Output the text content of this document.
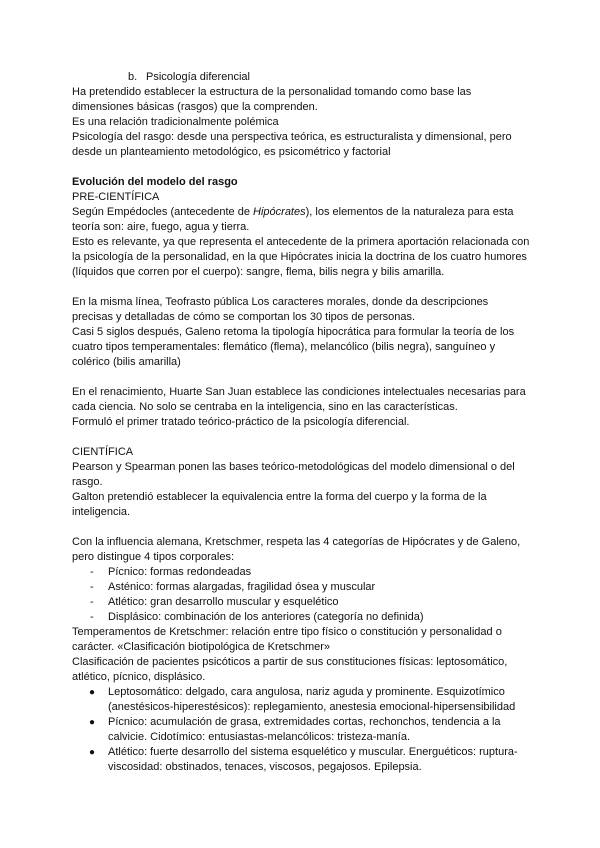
b. Psicología diferencial

Ha pretendido establecer la estructura de la personalidad tomando como base las dimensiones básicas (rasgos) que la comprenden.

Es una relación tradicionalmente polémica

Psicología del rasgo: desde una perspectiva teórica, es estructuralista y dimensional, pero desde un planteamiento metodológico, es psicométrico y factorial

Evolución del modelo del rasgo

PRE-CIENTÍFICA

Según Empédocles (antecedente de Hipócrates), los elementos de la naturaleza para esta teoría son: aire, fuego, agua y tierra.

Esto es relevante, ya que representa el antecedente de la primera aportación relacionada con la psicología de la personalidad, en la que Hipócrates inicia la doctrina de los cuatro humores (líquidos que corren por el cuerpo): sangre, flema, bilis negra y bilis amarilla.

En la misma línea, Teofrasto pública Los caracteres morales, donde da descripciones precisas y detalladas de cómo se comportan los 30 tipos de personas.

Casi 5 siglos después, Galeno retoma la tipología hipocrática para formular la teoría de los cuatro tipos temperamentales: flemático (flema), melancólico (bilis negra), sanguíneo y colérico (bilis amarilla)

En el renacimiento, Huarte San Juan establece las condiciones intelectuales necesarias para cada ciencia. No solo se centraba en la inteligencia, sino en las características.

Formuló el primer tratado teórico-práctico de la psicología diferencial.

CIENTÍFICA

Pearson y Spearman ponen las bases teórico-metodológicas del modelo dimensional o del rasgo.

Galton pretendió establecer la equivalencia entre la forma del cuerpo y la forma de la inteligencia.

Con la influencia alemana, Kretschmer, respeta las 4 categorías de Hipócrates y de Galeno, pero distingue 4 tipos corporales:

- Pícnico: formas redondeadas
- Asténico: formas alargadas, fragilidad ósea y muscular
- Atlético: gran desarrollo muscular y esquelético
- Displásico: combinación de los anteriores (categoría no definida)

Temperamentos de Kretschmer: relación entre tipo físico o constitución y personalidad o carácter. «Clasificación biotipológica de Kretschmer»

Clasificación de pacientes psicóticos a partir de sus constituciones físicas: leptosomático, atlético, pícnico, displásico.

● Leptosomático: delgado, cara angulosa, nariz aguda y prominente. Esquizotímico (anestésicos-hiperestésicos): replegamiento, anestesia emocional-hipersensibilidad
● Pícnico: acumulación de grasa, extremidades cortas, rechonchos, tendencia a la calvicie. Cidotímico: entusiastas-melancólicos: tristeza-manía.
● Atlético: fuerte desarrollo del sistema esquelético y muscular. Energuéticos: ruptura-viscosidad: obstinados, tenaces, viscosos, pegajosos. Epilepsia.
